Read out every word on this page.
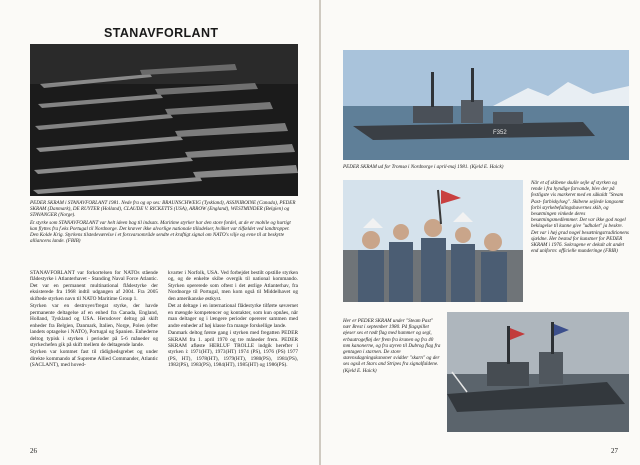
STANAVFORLANT

PEDER SKRAM i STANAVFORLANT 1981. Nede fra og op ses: BRAUNSCHWEIG (Tyskland), ASSINIBOINE (Canada), PEDER SKRAM (Danmark), DE RUYTER (Holland), CLAUDE V. RICKETTS (USA), ARROW (England), WESTMINDER (Belgien) og STAVANGER (Norge).

Et styrke som STANAVFORLANT var helt ideen bag til indsats. Maritime styrker har den store fordel, at de er mobile og hurtigt kan flyttes fra f.eks Portugal til Nordnorge. Det kræver ikke alvorlige nationale tilladelser, hvilket var tilfældet ved landtropper. Den Kolde Krig. Styrkens tilstedeværelse i et forsvarsområde sendte et kraftigt signal om NATO's vilje og evne til at beskytte alliancens lande. (FBIB)

STANAVFORLANT var forkortelsen for NATOs stående flådestyrke i Atlanterhavet - Standing Naval Force Atlantic. Det var en permanent multinational flådestyrke der eksisterede fra 1968 indtil udgangen af 2004. Fra 2005 skiftede styrken navn til NATO Maritime Group 1.

Styrken var en destroyer/fregat styrke, der havde permanente deltagelse af en enhed fra Canada, England, Holland, Tyskland og USA. Herudover deltog på skift enheder fra Belgien, Danmark, Italien, Norge, Polen (efter landets optagelse i NATO), Portugal og Spanien. Enhederne deltog typisk i styrken i perioder på 5-6 måneder og styrkechefen gik på skift mellem de deltagende lande.

Styrken var kommet fast til rådighedsgrebet og under direkte kommando af Supreme Allied Commander, Atlantic (SACLANT), med hoved-

kvarter i Norfolk, USA. Ved forbejdet bestilt opstille styrken og, og de enkelte skibe overgik til national kommando. Styrken opererede som oftest i det østlige Atlanterhav, fra Nordnorge til Portugal, men kom også til Middelhavet og den amerikanske østkyst.

Det at deltage i en international flådestyrke tilførte søværnet en mængde kompetencer og kontakter, som kun opnåes, når man deltager og i længere perioder opererer sammen med andre enheder af høj klasse fra mange forskellige lande.

Danmark deltog første gang i styrken med fregatten PEDER SKRAM fra 1. april 1970 og tre måneder frem. PEDER SKRAM afløste HERLUF TROLLE indgik herefter i styrken i: 1971(HT), 1973(HT) 1974 (PS), 1976 (PS) 1977 (PS, HT), 1978(HT), 1979(HT), 1980(PS), 1981(PS), 1982(PS), 1983(PS), 1984(HT), 1985(HT) og 1986(PS).

26
F352
PEDER SKRAM ud for Tromsø i Nordnorge i april-maj 1981. (Kjeld E. Haick)
Når et af skibene skulle sejle af styrken og rende i fra hyndige farvande, blev der på festligste vis markeret med en såkaldt "Steam Past- farbiskylseg". Skibene sejlede langsomt forbi styrkebefalingshavernes skib, og besætningen vinkede deres besætningsmedlemmer. Det var ikke god nogel beklagelse til kunne give "udhalet" ja beskre. Det var i høj grad nogel besætningstraditionens sjældne. Her bestod for kunstner for PEDER SKRAM i 1976. Sokragene er dekalt alt andet end uniform: officielle munderinge (FBIB)
Her er PEDER SKRAM under "Steam Past" nær Brest i september 1980. På flagspillet øjeser ses et rødt flag med hammer og segl, erbautrogefløj der frem fra kranen og fra 40 mm kanonerne, og fra styren til Dubrog flag fra gentagen i starnen. De store stævnsdagningskanoner svidder "skarn" og der ses også et Stars and Stripes fra signalfaldene. (Kjeld E. Haick)
27
